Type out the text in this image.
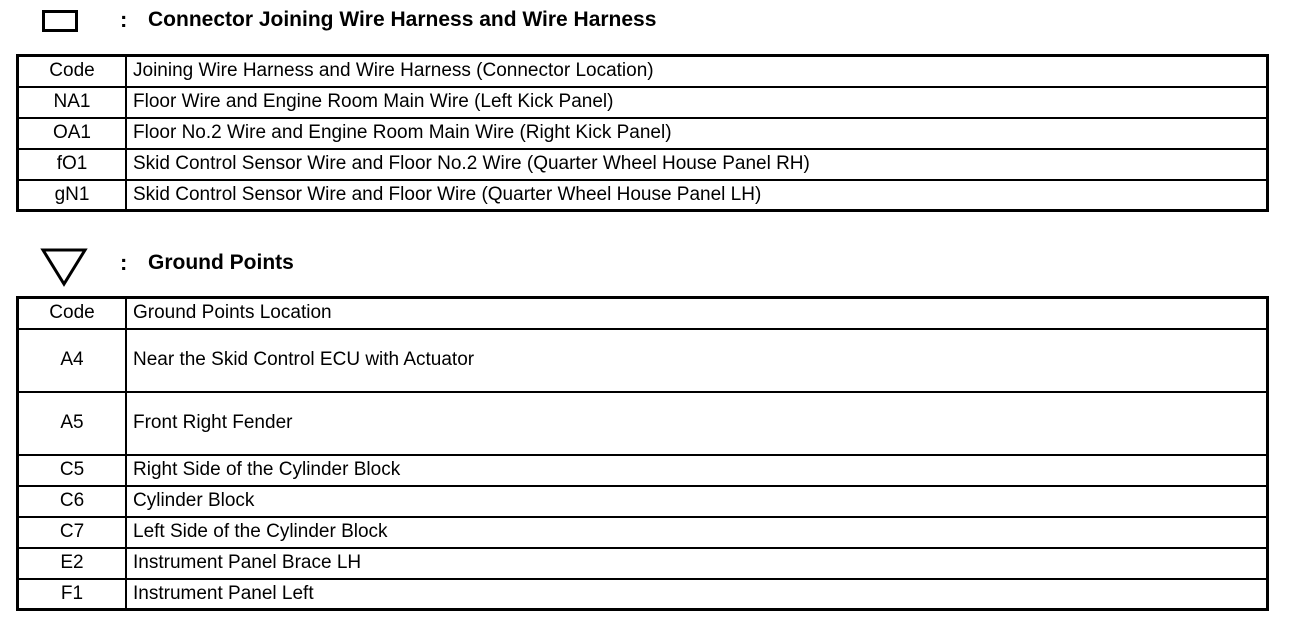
: Connector Joining Wire Harness and Wire Harness
Code	Joining Wire Harness and Wire Harness (Connector Location)
NA1	Floor Wire and Engine Room Main Wire (Left Kick Panel)
OA1	Floor No.2 Wire and Engine Room Main Wire (Right Kick Panel)
fO1	Skid Control Sensor Wire and Floor No.2 Wire (Quarter Wheel House Panel RH)
gN1	Skid Control Sensor Wire and Floor Wire (Quarter Wheel House Panel LH)
: Ground Points
Code	Ground Points Location
A4	Near the Skid Control ECU with Actuator
A5	Front Right Fender
C5	Right Side of the Cylinder Block
C6	Cylinder Block
C7	Left Side of the Cylinder Block
E2	Instrument Panel Brace LH
F1	Instrument Panel Left
